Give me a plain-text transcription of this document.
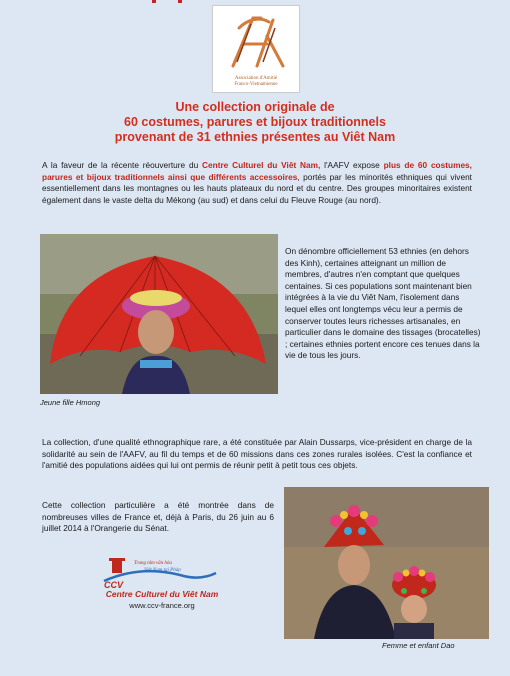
Association d'Amitié
Franco-Vietnamienne
Une collection originale de
60 costumes, parures et bijoux traditionnels
provenant de 31 ethnies présentes au Viêt Nam
A la faveur de la récente réouverture du Centre Culturel du Viêt Nam, l'AAFV expose plus de 60 costumes, parures et bijoux traditionnels ainsi que différents accessoires, portés par les minorités ethniques qui vivent essentiellement dans les montagnes ou les hauts plateaux du nord et du centre. Des groupes minoritaires existent également dans le vaste delta du Mékong (au sud) et dans celui du Fleuve Rouge (au nord).
Jeune fille Hmong
On dénombre officiellement 53 ethnies (en dehors des Kinh), certaines atteignant un million de membres, d'autres n'en comptant que quelques centaines. Si ces populations sont maintenant bien intégrées à la vie du Viêt Nam, l'isolement dans lequel elles ont longtemps vécu leur a permis de conserver toutes leurs richesses artisanales, en particulier dans le domaine des tissages (brocatelles) ; certaines ethnies portent encore ces tenues dans la vie de tous les jours.
La collection, d'une qualité ethnographique rare, a été constituée par Alain Dussarps, vice-président en charge de la solidarité au sein de l'AAFV, au fil du temps et de 60 missions dans ces zones rurales isolées. C'est la confiance et l'amitié des populations aidées qui lui ont permis de réunir petit à petit tous ces objets.
Cette collection particulière a été montrée dans de nombreuses villes de France et, déjà à Paris, du 26 juin au 6 juillet 2014 à l'Orangerie du Sénat.
Trung tâm văn hóa
Việt Nam tại Pháp
CCV
Centre Culturel du Viêt Nam
www.ccv-france.org
Femme et enfant Dao
